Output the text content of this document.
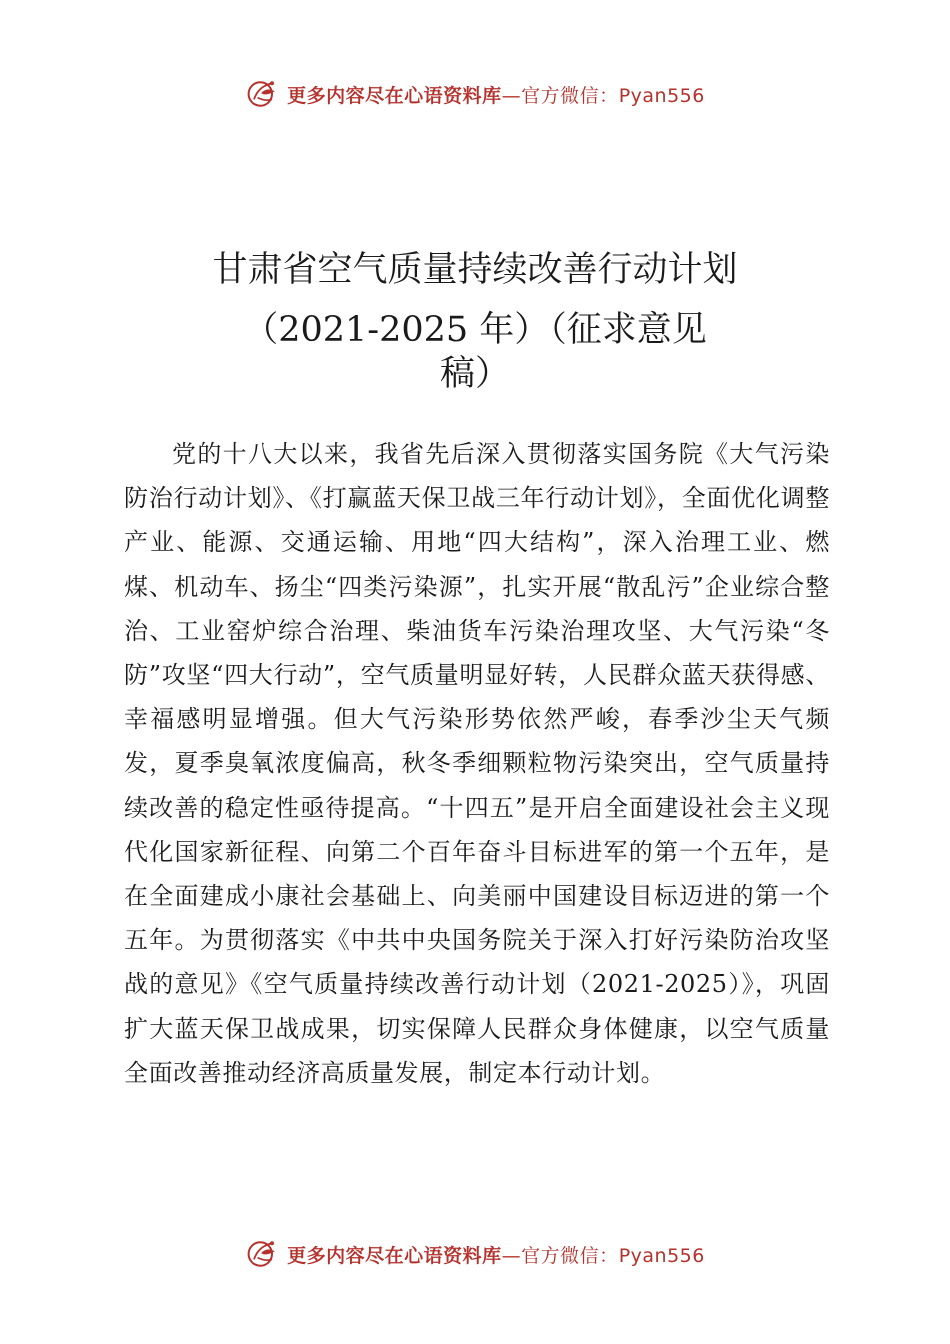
更多内容尽在心语资料库—官方微信：Pyan556
甘肃省空气质量持续改善行动计划
（2021-2025 年）（征求意见
稿）

党的十八大以来，我省先后深入贯彻落实国务院《大气污染防治行动计划》、《打赢蓝天保卫战三年行动计划》，全面优化调整产业、能源、交通运输、用地“四大结构”，深入治理工业、燃煤、机动车、扬尘“四类污染源”，扎实开展“散乱污”企业综合整治、工业窑炉综合治理、柴油货车污染治理攻坚、大气污染“冬防”攻坚“四大行动”，空气质量明显好转，人民群众蓝天获得感、幸福感明显增强。但大气污染形势依然严峻，春季沙尘天气频发，夏季臭氧浓度偏高，秋冬季细颗粒物污染突出，空气质量持续改善的稳定性亟待提高。“十四五”是开启全面建设社会主义现代化国家新征程、向第二个百年奋斗目标进军的第一个五年，是在全面建成小康社会基础上、向美丽中国建设目标迈进的第一个五年。为贯彻落实《中共中央国务院关于深入打好污染防治攻坚战的意见》《空气质量持续改善行动计划（2021-2025）》，巩固扩大蓝天保卫战成果，切实保障人民群众身体健康，以空气质量全面改善推动经济高质量发展，制定本行动计划。

更多内容尽在心语资料库—官方微信：Pyan556
